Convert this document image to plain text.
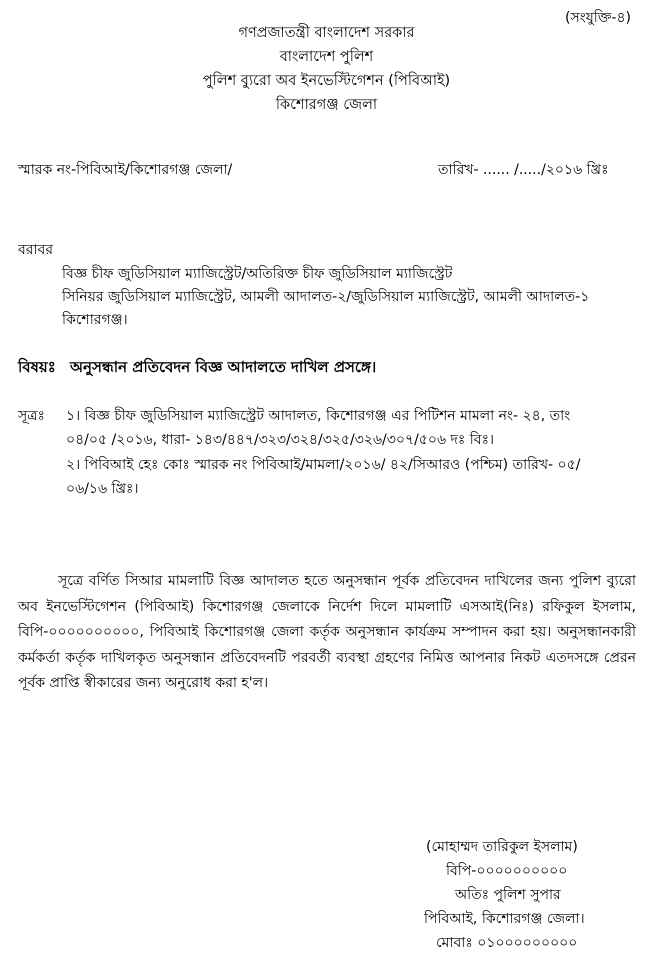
(সংযুক্তি-৪)
গণপ্রজাতন্ত্রী বাংলাদেশ সরকার
বাংলাদেশ পুলিশ
পুলিশ ব্যুরো অব ইনভেস্টিগেশন (পিবিআই)
কিশোরগঞ্জ জেলা
স্মারক নং-পিবিআই/কিশোরগঞ্জ জেলা/	তারিখ- ...... /...../২০১৬ খ্রিঃ
বরাবর
বিজ্ঞ চীফ জুডিসিয়াল ম্যাজিস্ট্রেট/অতিরিক্ত চীফ জুডিসিয়াল ম্যাজিস্ট্রেট
সিনিয়র জুডিসিয়াল ম্যাজিস্ট্রেট, আমলী আদালত-২/জুডিসিয়াল ম্যাজিস্ট্রেট, আমলী আদালত-১
কিশোরগঞ্জ।
বিষয়ঃ অনুসন্ধান প্রতিবেদন বিজ্ঞ আদালতে দাখিল প্রসঙ্গে।
সূত্রঃ ১। বিজ্ঞ চীফ জুডিসিয়াল ম্যাজিস্ট্রেট আদালত, কিশোরগঞ্জ এর পিটিশন মামলা নং- ২৪, তাং
০৪/০৫ /২০১৬, ধারা- ১৪৩/৪৪৭/৩২৩/৩২৪/৩২৫/৩২৬/৩০৭/৫০৬ দঃ বিঃ।
২। পিবিআই হেঃ কোঃ স্মারক নং পিবিআই/মামলা/২০১৬/ ৪২/সিআরও (পশ্চিম) তারিখ- ০৫/
০৬/১৬ খ্রিঃ।
সূত্রে বর্ণিত সিআর মামলাটি বিজ্ঞ আদালত হতে অনুসন্ধান পূর্বক প্রতিবেদন দাখিলের জন্য পুলিশ ব্যুরো অব ইনভেস্টিগেশন (পিবিআই) কিশোরগঞ্জ জেলাকে নির্দেশ দিলে মামলাটি এসআই(নিঃ) রফিকুল ইসলাম, বিপি-০০০০০০০০০০, পিবিআই কিশোরগঞ্জ জেলা কর্তৃক অনুসন্ধান কার্যক্রম সম্পাদন করা হয়। অনুসন্ধানকারী কর্মকর্তা কর্তৃক দাখিলকৃত অনুসন্ধান প্রতিবেদনটি পরবর্তী ব্যবস্থা গ্রহণের নিমিত্ত আপনার নিকট এতদসঙ্গে প্রেরন পূর্বক প্রাপ্তি স্বীকারের জন্য অনুরোধ করা হ'ল।
(মোহাম্মদ তারিকুল ইসলাম)
বিপি-০০০০০০০০০০
অতিঃ পুলিশ সুপার
পিবিআই, কিশোরগঞ্জ জেলা।
মোবাঃ ০১০০০০০০০০০
